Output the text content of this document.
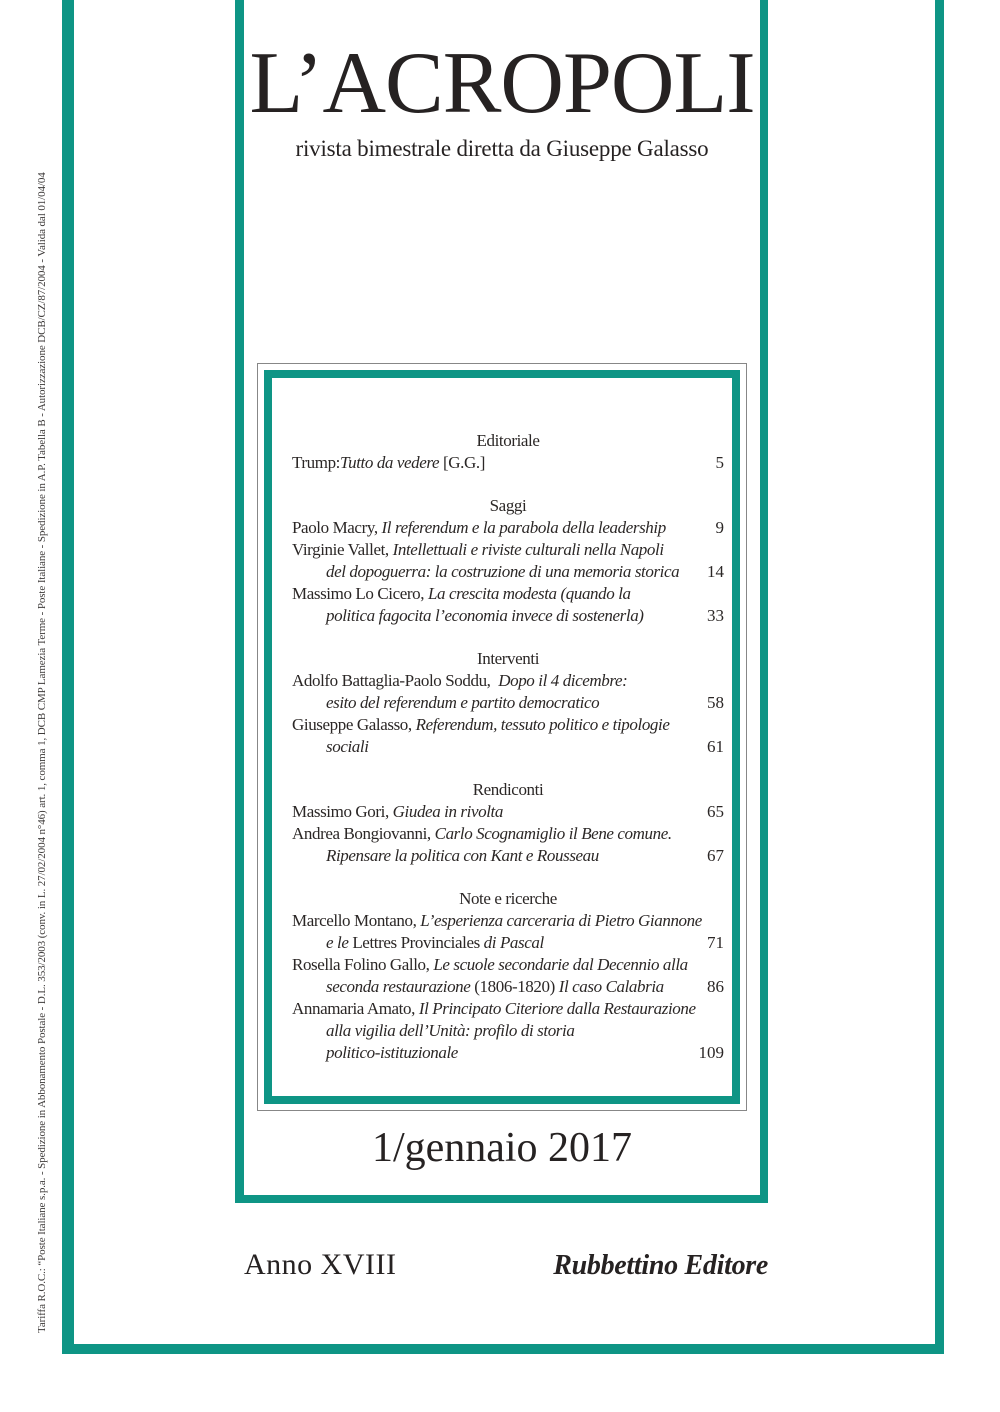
Tariffa R.O.C.: “Poste Italiane s.p.a. - Spedizione in Abbonamento Postale - D.L. 353/2003 (conv. in L. 27/02/2004 n°46) art. 1, comma 1, DCB CMP Lamezia Terme - Poste Italiane - Spedizione in A.P. Tabella B - Autorizzazione DCB/CZ/87/2004 - Valida dal 01/04/04
L’ACROPOLI
rivista bimestrale diretta da Giuseppe Galasso
Editoriale
Trump:Tutto da vedere [G.G.]	5
Saggi
Paolo Macry, Il referendum e la parabola della leadership	9
Virginie Vallet, Intellettuali e riviste culturali nella Napoli
del dopoguerra: la costruzione di una memoria storica 14
Massimo Lo Cicero, La crescita modesta (quando la
politica fagocita l’economia invece di sostenerla)	33
Interventi
Adolfo Battaglia-Paolo Soddu,  Dopo il 4 dicembre:
esito del referendum e partito democratico	58
Giuseppe Galasso, Referendum, tessuto politico e tipologie
sociali	61
Rendiconti
Massimo Gori, Giudea in rivolta	65
Andrea Bongiovanni, Carlo Scognamiglio il Bene comune.
Ripensare la politica con Kant e Rousseau	67
Note e ricerche
Marcello Montano, L’esperienza carceraria di Pietro Giannone
e le Lettres Provinciales di Pascal	71
Rosella Folino Gallo, Le scuole secondarie dal Decennio alla
seconda restaurazione (1806-1820) Il caso Calabria	86
Annamaria Amato, Il Principato Citeriore dalla Restaurazione
alla vigilia dell’Unità: profilo di storia
politico-istituzionale	109
1/gennaio 2017
Anno XVIII	Rubbettino Editore
